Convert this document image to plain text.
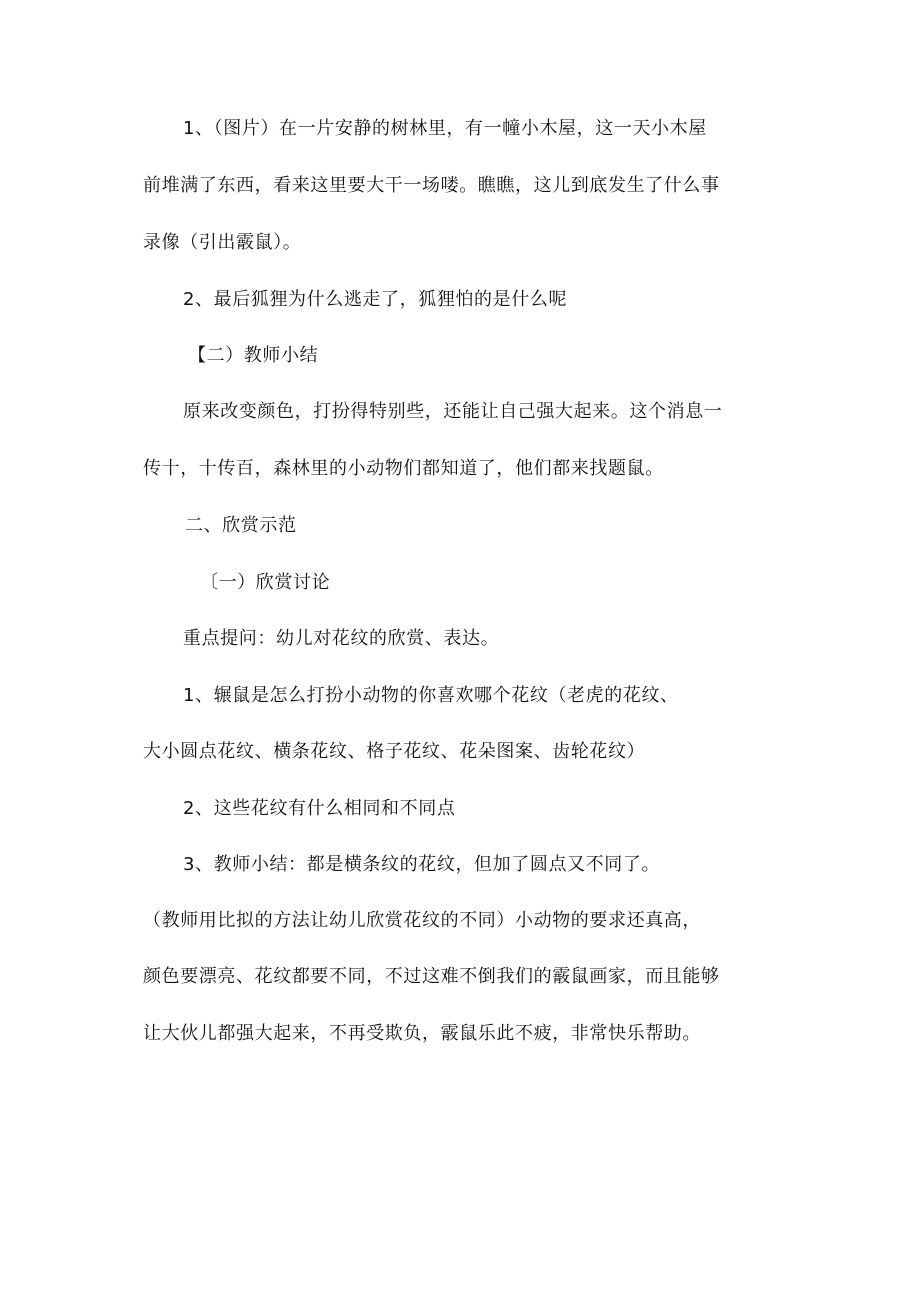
1、（图片）在一片安静的树林里，有一幢小木屋，这一天小木屋
前堆满了东西，看来这里要大干一场喽。瞧瞧，这儿到底发生了什么事
录像（引出霰鼠）。
2、最后狐狸为什么逃走了，狐狸怕的是什么呢
【二）教师小结
原来改变颜色，打扮得特别些，还能让自己强大起来。这个消息一
传十，十传百，森林里的小动物们都知道了，他们都来找题鼠。
二、欣赏示范
〔一）欣赏讨论
重点提问：幼儿对花纹的欣赏、表达。
1、辗鼠是怎么打扮小动物的你喜欢哪个花纹（老虎的花纹、
大小圆点花纹、横条花纹、格子花纹、花朵图案、齿轮花纹）
2、这些花纹有什么相同和不同点
3、教师小结：都是横条纹的花纹，但加了圆点又不同了。
（教师用比拟的方法让幼儿欣赏花纹的不同）小动物的要求还真高，
颜色要漂亮、花纹都要不同，不过这难不倒我们的霰鼠画家，而且能够
让大伙儿都强大起来，不再受欺负，霰鼠乐此不疲，非常快乐帮助。
